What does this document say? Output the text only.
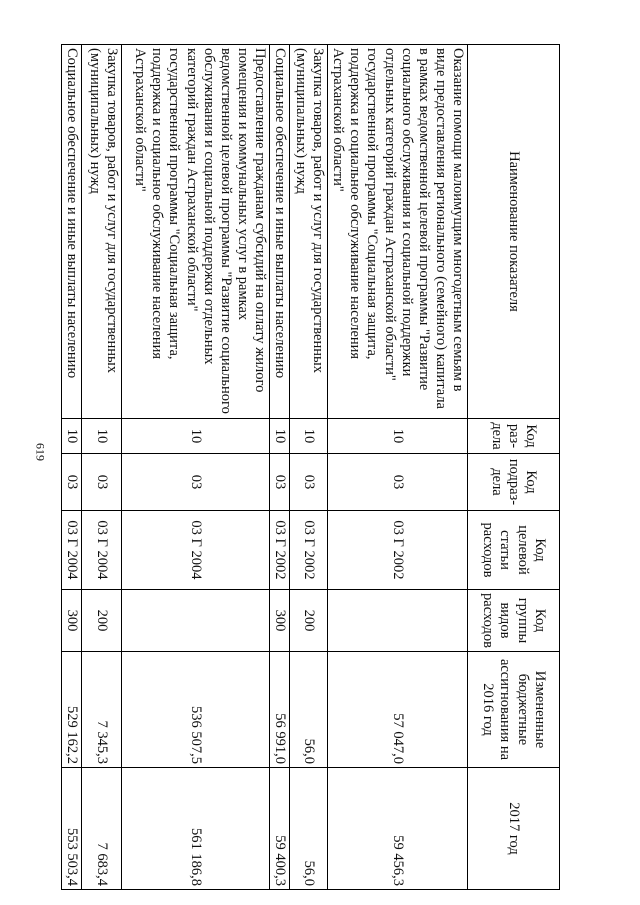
619
Наименование показателя	Код раз-дела	Код подраз-дела	Код целевой статьи расходов	Код группы видов расходов	Измененные бюджетные ассигнования на 2016 год	2017 год
Оказание помощи малоимущим многодетным семьям в виде предоставления регионального (семейного) капитала в рамках ведомственной целевой программы "Развитие социального обслуживания и социальной поддержки отдельных категорий граждан Астраханской области" государственной программы "Социальная защита, поддержка и социальное обслуживание населения Астраханской области"	10	03	03 Г 2002		57 047,0	59 456,3
Закупка товаров, работ и услуг для государственных (муниципальных) нужд	10	03	03 Г 2002	200	56,0	56,0
Социальное обеспечение и иные выплаты населению	10	03	03 Г 2002	300	56 991,0	59 400,3
Предоставление гражданам субсидий на оплату жилого помещения и коммунальных услуг в рамках ведомственной целевой программы "Развитие социального обслуживания и социальной поддержки отдельных категорий граждан Астраханской области" государственной программы "Социальная защита, поддержка и социальное обслуживание населения Астраханской области"	10	03	03 Г 2004		536 507,5	561 186,8
Закупка товаров, работ и услуг для государственных (муниципальных) нужд	10	03	03 Г 2004	200	7 345,3	7 683,4
Социальное обеспечение и иные выплаты населению	10	03	03 Г 2004	300	529 162,2	553 503,4
